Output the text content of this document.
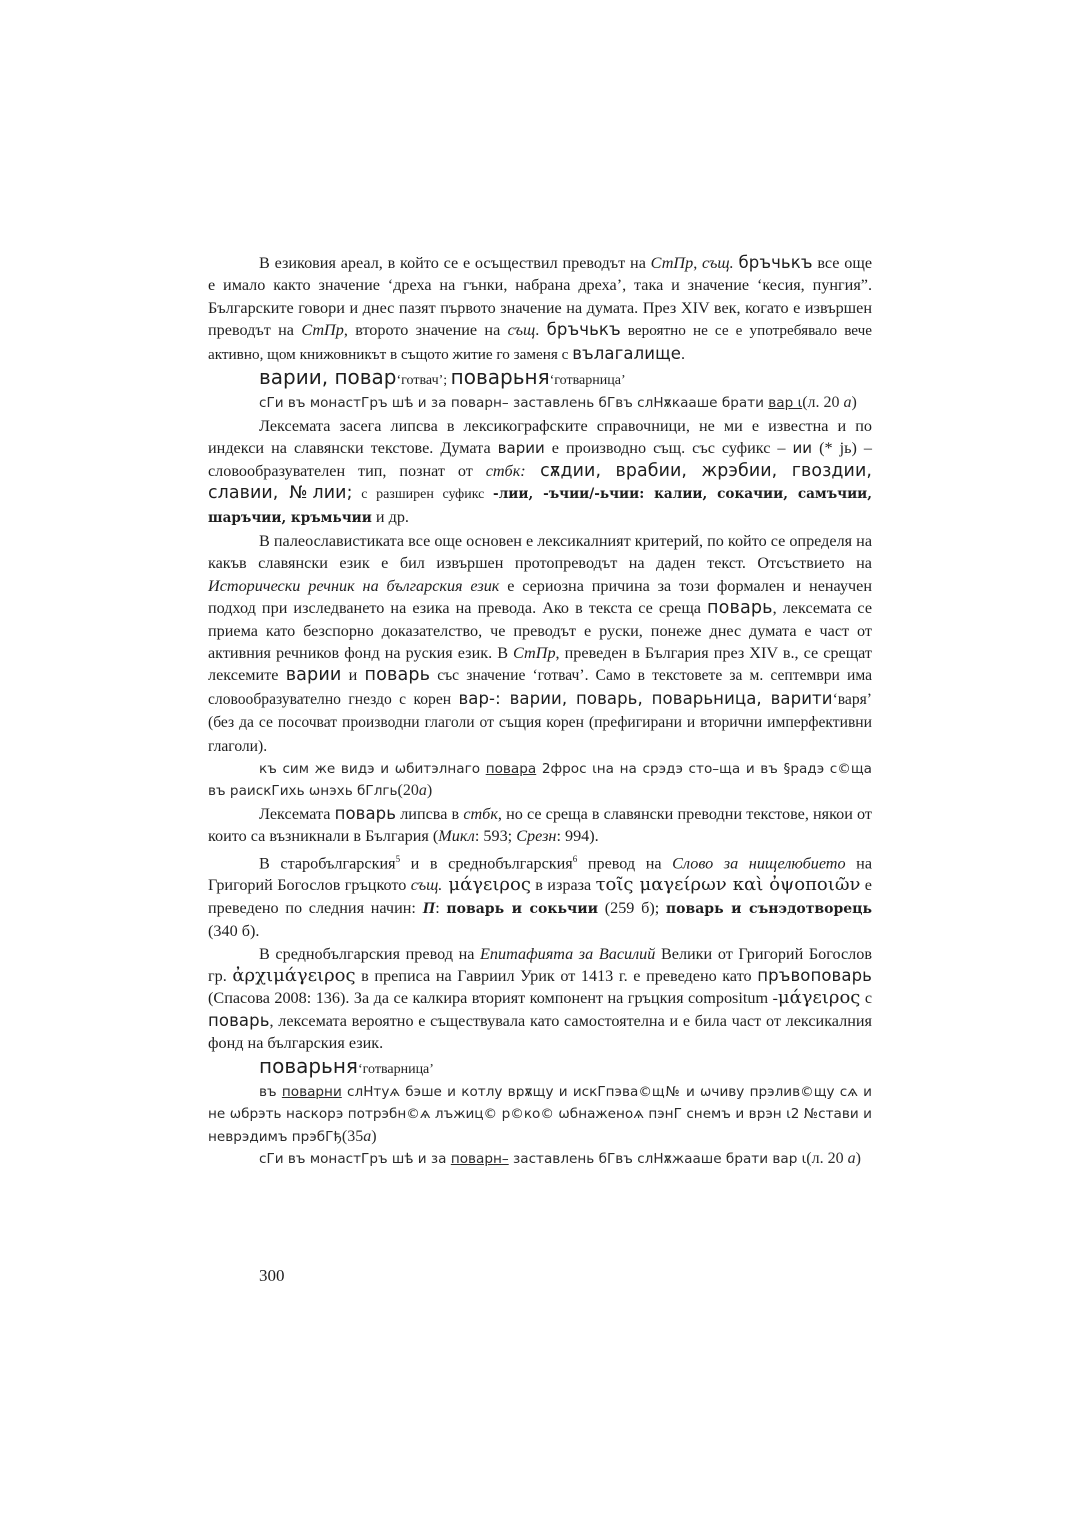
В езиковия ареал, в който се е осъществил преводът на СтПр, същ. бръчькъ все още е имало както значение ‘дреха на гънки, набрана дреха’, така и значение ‘кесия, пунгия”. Българските говори и днес пазят първото значение на думата. През XIV век, когато е извършен преводът на СтПр, второто значение на същ. бръчькъ вероятно не се е употребявало вече активно, щом книжовникът в същото житие го заменя с вълагалище.

варии, повар‘готвач’; поварьня‘готварница’

сГи въ монастГръ шѣ и за поварн– заставлень бГвъ слНѫкааше брати вар ꙇ(л. 20 а)

Лексемата засега липсва в лексикографските справочници, не ми е известна и по индекси на славянски текстове. Думата варии е производно същ. със суфикс – ии (* jь) – словообразувателен тип, познат от стбк: сѫдии, врабии, жрэбии, гвоздии, славии, №лии; с разширен суфикс -лии, -ъчии/-ьчии: калии, сокачии, самъчии, шаръчии, кръмьчии и др.

В палеославистиката все още основен е лексикалният критерий, по който се определя на какъв славянски език е бил извършен протопреводът на даден текст. Отсъствието на Исторически речник на българския език е сериозна причина за този формален и ненаучен подход при изследването на езика на превода. Ако в текста се среща поварь, лексемата се приема като безспорно доказателство, че преводът е руски, понеже днес думата е част от активния речников фонд на руския език. В СтПр, преведен в България през XIV в., се срещат лексемите варии и поварь със значение ‘готвач’. Само в текстовете за м. септември има словообразувателно гнездо с корен вар-: варии, поварь, поварьница, варити‘варя’ (без да се посочват производни глаголи от същия корен (префигирани и вторични имперфективни глаголи).

къ сим же видэ и ѡбитэлнаго повара 2фрос ꙇна на срэдэ сто–ща и въ §радэ с©ща въ раискГихь ѡнэхь бГлгь(20а)

Лексемата поварь липсва в стбк, но се среща в славянски преводни текстове, някои от които са възникнали в България (Микл: 593; Срезн: 994).

В старобългарския$^5$ и в среднобългарския$^6$ превод на Слово за нищелюбието на Григорий Богослов гръцкото същ. μάγειρος в израза τοῖς μαγείρων καὶ ὀψοποιῶν е преведено по следния начин: П: поварь и сокьчии (259 б); поварь и сънэдотворець (340 б).

В среднобългарския превод на Епитафията за Василий Велики от Григорий Богослов гр. ἀρχιμάγειρος в преписа на Гавриил Урик от 1413 г. е преведено като пръвоповарь (Спасова 2008: 136). За да се калкира вторият компонент на гръцкия compositum -μάγειρος с поварь, лексемата вероятно е съществувала като самостоятелна и е била част от лексикалния фонд на българския език.

поварьня‘готварница’

въ поварни слНтуѧ бэше и котлу врѫщу и искГпэва©щ№ и ѡчиву прэлив©щу сѧ и не ѡбрэть наскорэ потрэбн©ѧ лъжиц© р©ко© ѡбнаженоѧ пэнГ снемъ и врэн ꙇ2 №стави и неврэдимъ прэбГђ(35а)

сГи въ монастГръ шѣ и за поварн– заставлень бГвъ слНѫжааше брати вар ꙇ(л. 20 а)

300
